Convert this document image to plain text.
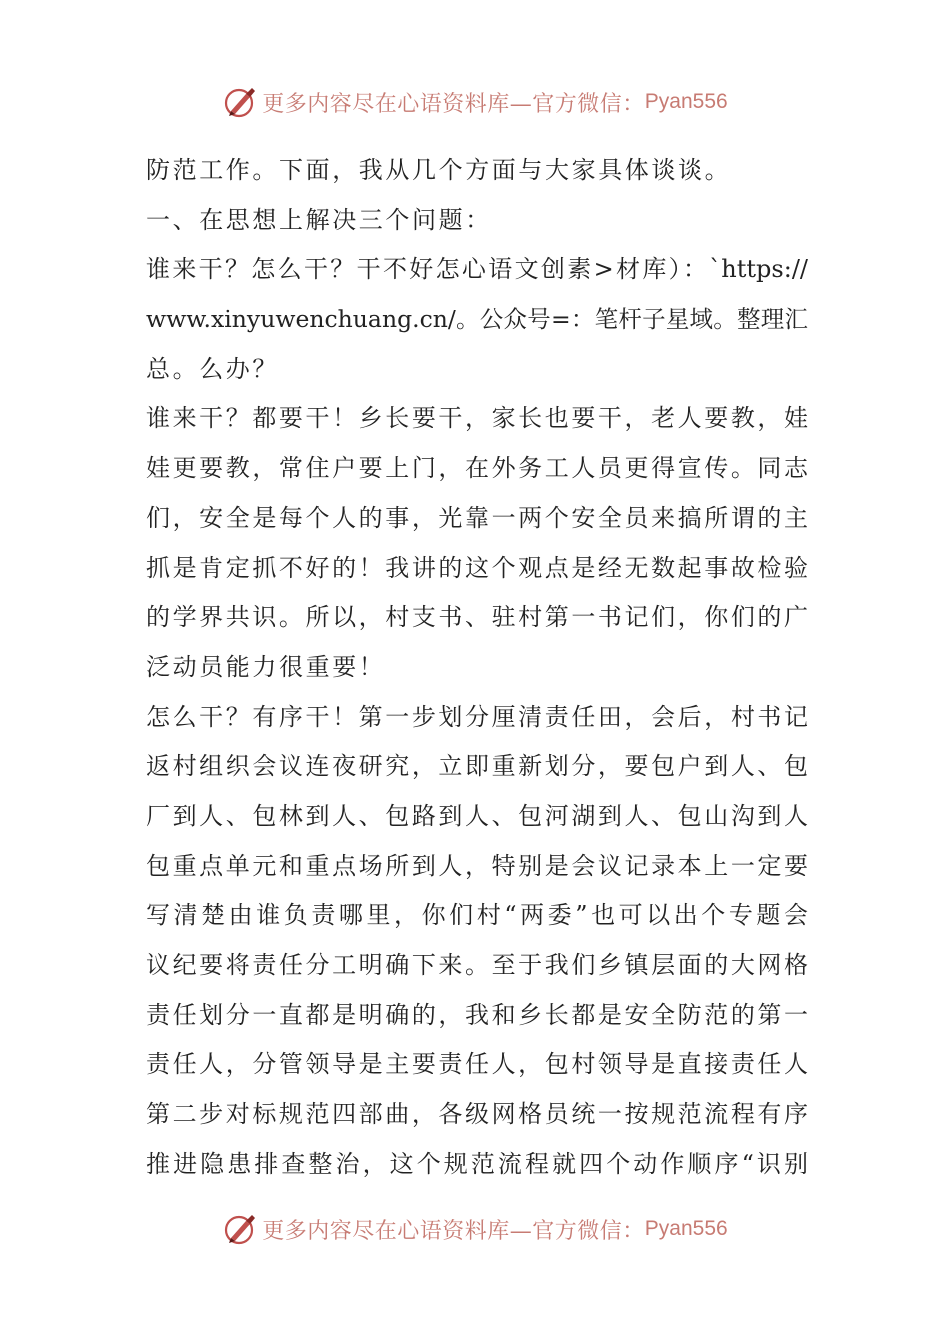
更多内容尽在心语资料库—官方微信： Pyan556
防范工作。下面，我从几个方面与大家具体谈谈。
一、在思想上解决三个问题：
谁来干？怎么干？干不好怎心语文创素>材库）：`https://
www.xinyuwenchuang.cn/。公众号=：笔杆子星域。整理汇
总。么办？
谁来干？都要干！乡长要干，家长也要干，老人要教，娃
娃更要教，常住户要上门，在外务工人员更得宣传。同志
们，安全是每个人的事，光靠一两个安全员来搞所谓的主
抓是肯定抓不好的！我讲的这个观点是经无数起事故检验
的学界共识。所以，村支书、驻村第一书记们，你们的广
泛动员能力很重要！
怎么干？有序干！第一步划分厘清责任田，会后，村书记
返村组织会议连夜研究，立即重新划分，要包户到人、包
厂到人、包林到人、包路到人、包河湖到人、包山沟到人
包重点单元和重点场所到人，特别是会议记录本上一定要
写清楚由谁负责哪里，你们村“两委”也可以出个专题会
议纪要将责任分工明确下来。至于我们乡镇层面的大网格
责任划分一直都是明确的，我和乡长都是安全防范的第一
责任人，分管领导是主要责任人，包村领导是直接责任人
第二步对标规范四部曲，各级网格员统一按规范流程有序
推进隐患排查整治，这个规范流程就四个动作顺序“识别
更多内容尽在心语资料库—官方微信： Pyan556
